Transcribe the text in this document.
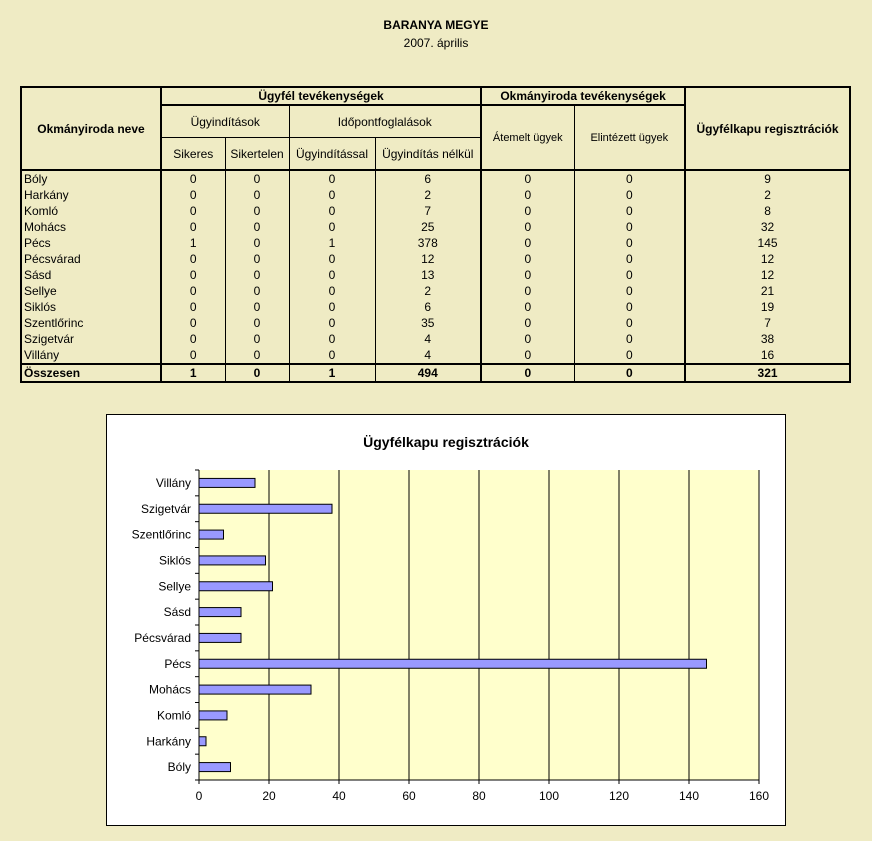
BARANYA MEGYE
2007. április
Okmányiroda neve	Ügyfél tevékenységek				Okmányiroda tevékenységek		Ügyfélkapu regisztrációk
	Ügyindítások		Időpontfoglalások		Átemelt ügyek	Elintézett ügyek	
	Sikeres	Sikertelen	Ügyindítással	Ügyindítás nélkül			
Bóly	0	0	0	6	0	0	9
Harkány	0	0	0	2	0	0	2
Komló	0	0	0	7	0	0	8
Mohács	0	0	0	25	0	0	32
Pécs	1	0	1	378	0	0	145
Pécsvárad	0	0	0	12	0	0	12
Sásd	0	0	0	13	0	0	12
Sellye	0	0	0	2	0	0	21
Siklós	0	0	0	6	0	0	19
Szentlőrinc	0	0	0	35	0	0	7
Szigetvár	0	0	0	4	0	0	38
Villány	0	0	0	4	0	0	16
Összesen	1	0	1	494	0	0	321
Ügyfélkapu regisztrációk
0	20	40	60	80	100	120	140	160
Bóly
Harkány
Komló
Mohács
Pécs
Pécsvárad
Sásd
Sellye
Siklós
Szentlőrinc
Szigetvár
Villány
